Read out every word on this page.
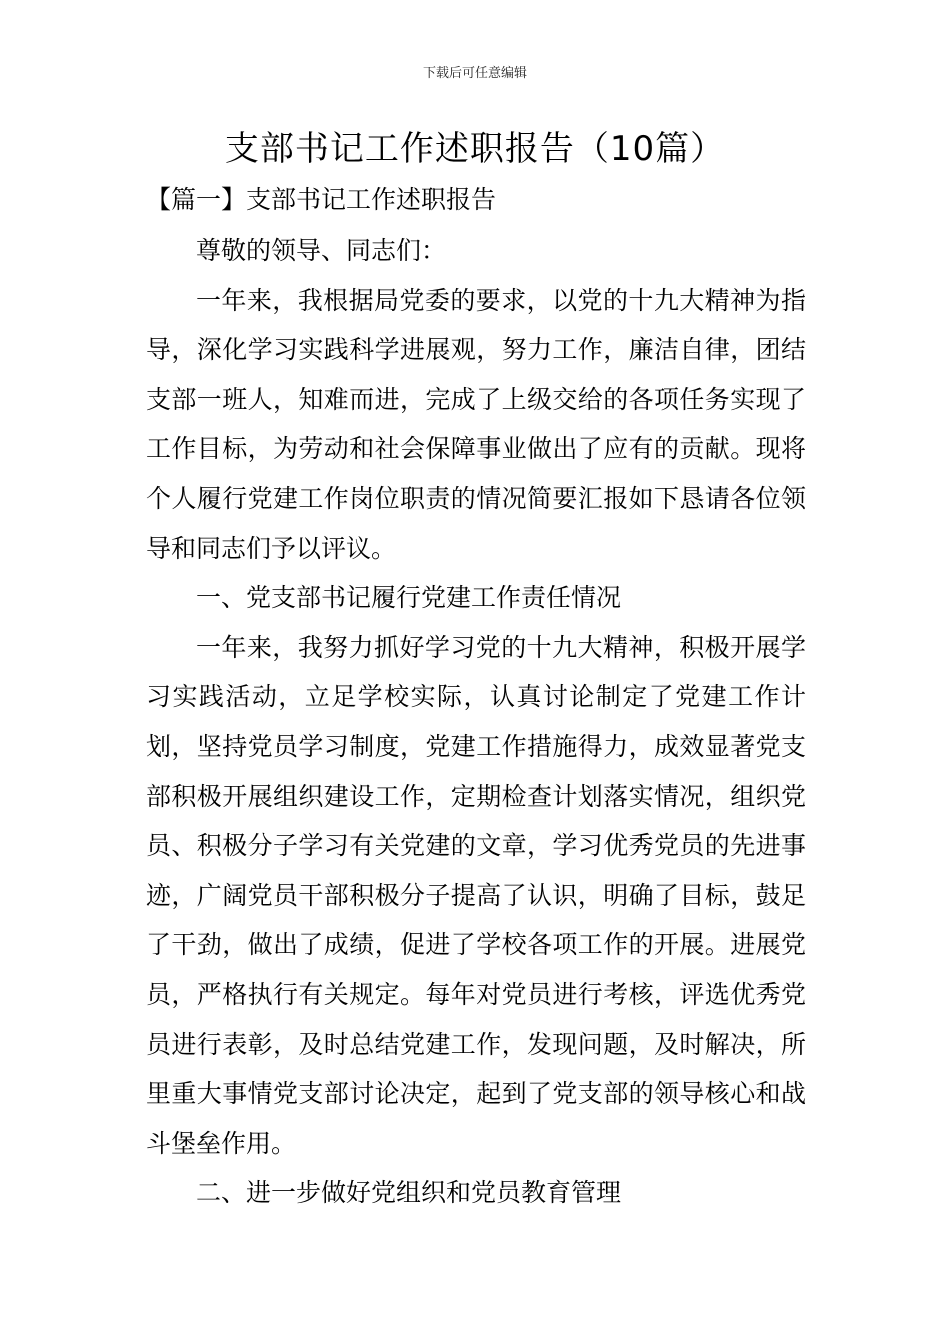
下载后可任意编辑
支部书记工作述职报告（10篇）
【篇一】支部书记工作述职报告

尊敬的领导、同志们：

一年来，我根据局党委的要求，以党的十九大精神为指导，深化学习实践科学进展观，努力工作，廉洁自律，团结支部一班人，知难而进，完成了上级交给的各项任务实现了工作目标，为劳动和社会保障事业做出了应有的贡献。现将个人履行党建工作岗位职责的情况简要汇报如下恳请各位领导和同志们予以评议。

一、党支部书记履行党建工作责任情况

一年来，我努力抓好学习党的十九大精神，积极开展学习实践活动，立足学校实际，认真讨论制定了党建工作计划，坚持党员学习制度，党建工作措施得力，成效显著党支部积极开展组织建设工作，定期检查计划落实情况，组织党员、积极分子学习有关党建的文章，学习优秀党员的先进事迹，广阔党员干部积极分子提高了认识，明确了目标，鼓足了干劲，做出了成绩，促进了学校各项工作的开展。进展党员，严格执行有关规定。每年对党员进行考核，评选优秀党员进行表彰，及时总结党建工作，发现问题，及时解决，所里重大事情党支部讨论决定，起到了党支部的领导核心和战斗堡垒作用。

二、进一步做好党组织和党员教育管理
